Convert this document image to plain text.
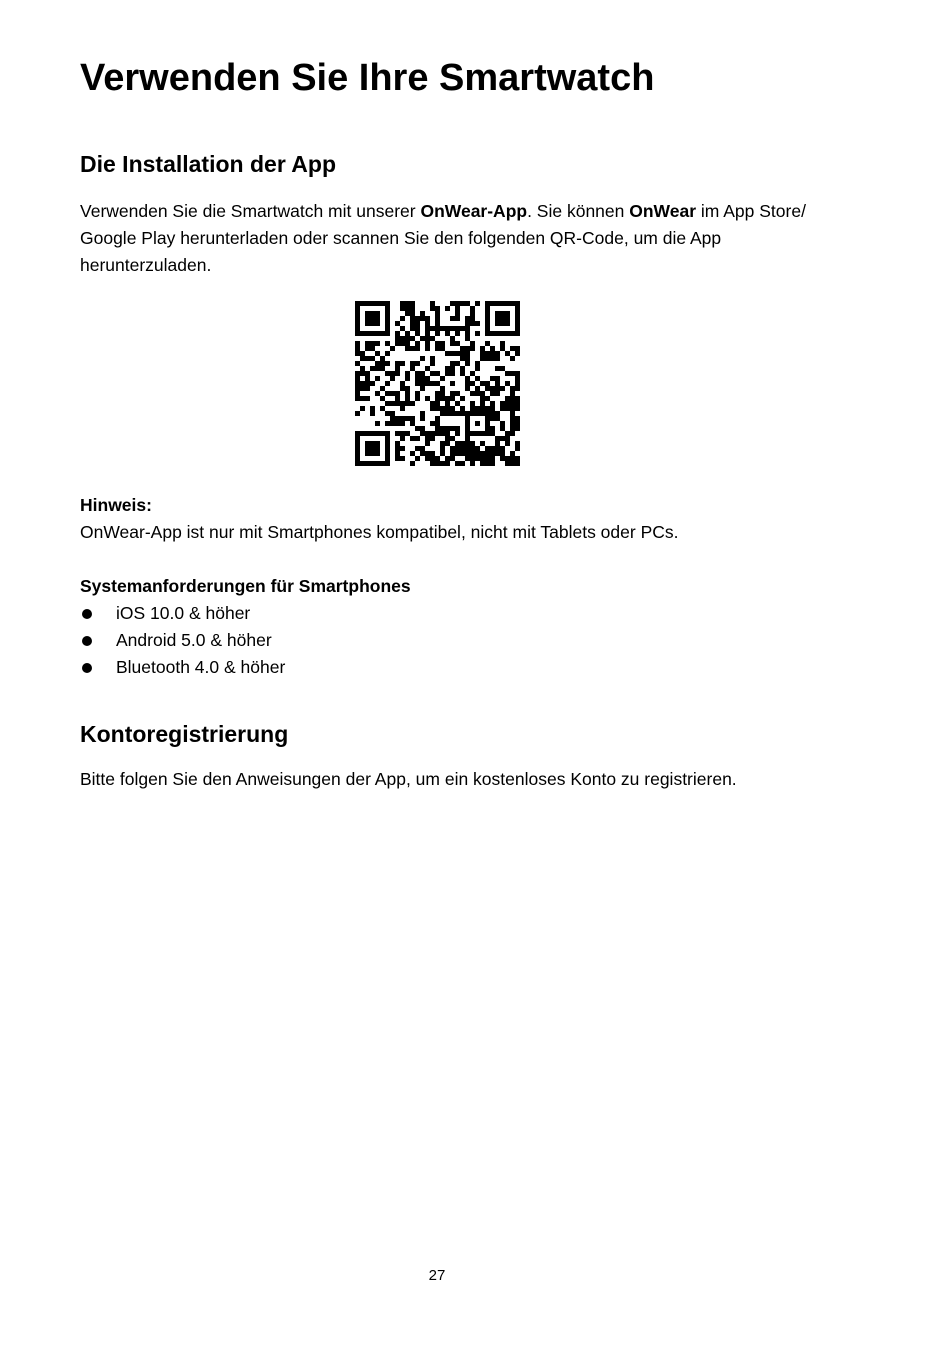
Verwenden Sie Ihre Smartwatch
Die Installation der App

Verwenden Sie die Smartwatch mit unserer OnWear-App. Sie können OnWear im App Store/ Google Play herunterladen oder scannen Sie den folgenden QR-Code, um die App herunterzuladen.

Hinweis:

OnWear-App ist nur mit Smartphones kompatibel, nicht mit Tablets oder PCs.

Systemanforderungen für Smartphones

iOS 10.0 & höher
Android 5.0 & höher
Bluetooth 4.0 & höher
Kontoregistrierung

Bitte folgen Sie den Anweisungen der App, um ein kostenloses Konto zu registrieren.

27
